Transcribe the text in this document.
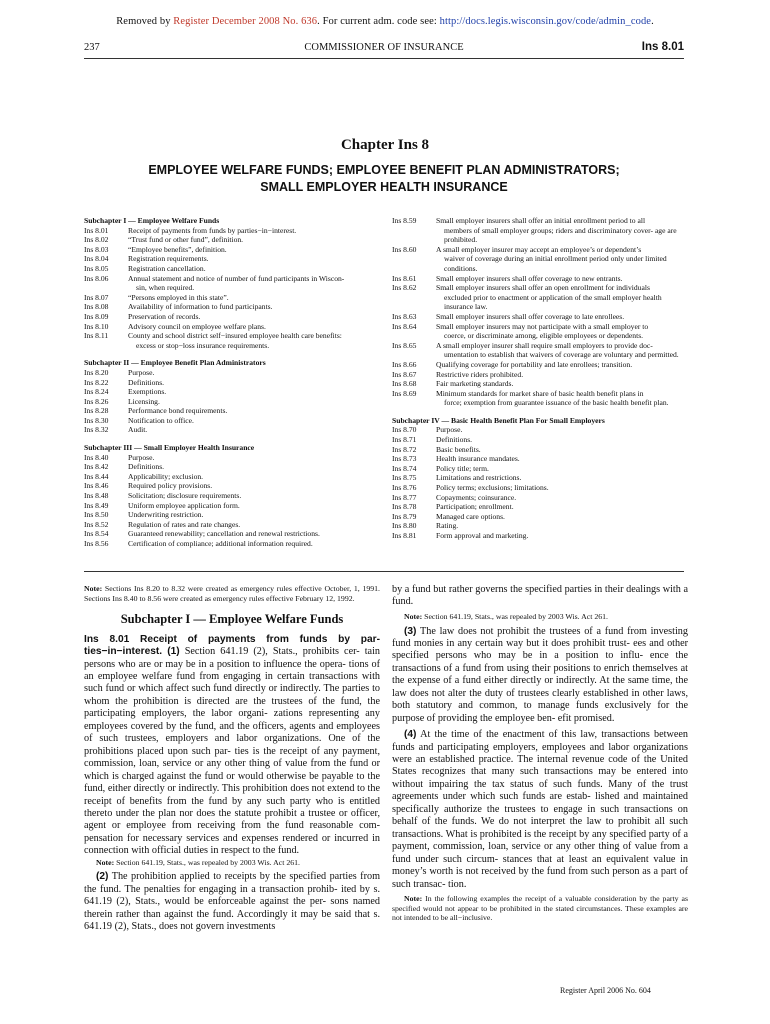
Removed by Register December 2008 No. 636. For current adm. code see: http://docs.legis.wisconsin.gov/code/admin_code.
237	COMMISSIONER OF INSURANCE	Ins 8.01
Chapter Ins 8
EMPLOYEE WELFARE FUNDS; EMPLOYEE BENEFIT PLAN ADMINISTRATORS;
SMALL EMPLOYER HEALTH INSURANCE
Subchapter I — Employee Welfare Funds
Ins 8.01	Receipt of payments from funds by parties−in−interest.
Ins 8.02	“Trust fund or other fund”, definition.
Ins 8.03	“Employee benefits”, definition.
Ins 8.04	Registration requirements.
Ins 8.05	Registration cancellation.
Ins 8.06	Annual statement and notice of number of fund participants in Wiscon-
sin, when required.
Ins 8.07	“Persons employed in this state”.
Ins 8.08	Availability of information to fund participants.
Ins 8.09	Preservation of records.
Ins 8.10	Advisory council on employee welfare plans.
Ins 8.11	County and school district self−insured employee health care benefits:
excess or stop−loss insurance requirements.
Subchapter II — Employee Benefit Plan Administrators
Ins 8.20	Purpose.
Ins 8.22	Definitions.
Ins 8.24	Exemptions.
Ins 8.26	Licensing.
Ins 8.28	Performance bond requirements.
Ins 8.30	Notification to office.
Ins 8.32	Audit.
Subchapter III — Small Employer Health Insurance
Ins 8.40	Purpose.
Ins 8.42	Definitions.
Ins 8.44	Applicability; exclusion.
Ins 8.46	Required policy provisions.
Ins 8.48	Solicitation; disclosure requirements.
Ins 8.49	Uniform employee application form.
Ins 8.50	Underwriting restriction.
Ins 8.52	Regulation of rates and rate changes.
Ins 8.54	Guaranteed renewability; cancellation and renewal restrictions.
Ins 8.56	Certification of compliance; additional information required.
Ins 8.59	Small employer insurers shall offer an initial enrollment period to all
members of small employer groups; riders and discriminatory cover- age are prohibited.
Ins 8.60	A small employer insurer may accept an employee’s or dependent’s
waiver of coverage during an initial enrollment period only under limited conditions.
Ins 8.61	Small employer insurers shall offer coverage to new entrants.
Ins 8.62	Small employer insurers shall offer an open enrollment for individuals
excluded prior to enactment or application of the small employer health insurance law.
Ins 8.63	Small employer insurers shall offer coverage to late enrollees.
Ins 8.64	Small employer insurers may not participate with a small employer to
coerce, or discriminate among, eligible employees or dependents.
Ins 8.65	A small employer insurer shall require small employers to provide doc-
umentation to establish that waivers of coverage are voluntary and permitted.
Ins 8.66	Qualifying coverage for portability and late enrollees; transition.
Ins 8.67	Restrictive riders prohibited.
Ins 8.68	Fair marketing standards.
Ins 8.69	Minimum standards for market share of basic health benefit plans in
force; exemption from guarantee issuance of the basic health benefit plan.
Subchapter IV — Basic Health Benefit Plan For Small Employers
Ins 8.70	Purpose.
Ins 8.71	Definitions.
Ins 8.72	Basic benefits.
Ins 8.73	Health insurance mandates.
Ins 8.74	Policy title; term.
Ins 8.75	Limitations and restrictions.
Ins 8.76	Policy terms; exclusions; limitations.
Ins 8.77	Copayments; coinsurance.
Ins 8.78	Participation; enrollment.
Ins 8.79	Managed care options.
Ins 8.80	Rating.
Ins 8.81	Form approval and marketing.

Note: Sections Ins 8.20 to 8.32 were created as emergency rules effective October, 1, 1991. Sections Ins 8.40 to 8.56 were created as emergency rules effective February 12, 1992.

Subchapter I — Employee Welfare Funds

Ins 8.01 Receipt of payments from funds by par- ties−in−interest. (1) Section 641.19 (2), Stats., prohibits cer- tain persons who are or may be in a position to influence the opera- tions of an employee welfare fund from engaging in certain transactions with such fund or which affect such fund directly or indirectly. The parties to whom the prohibition is directed are the trustees of the fund, the participating employers, the labor organi- zations representing any employees covered by the fund, and the officers, agents and employees of such trustees, employers and labor organizations. One of the prohibitions placed upon such par- ties is the receipt of any payment, commission, loan, service or any other thing of value from the fund or which is charged against the fund or would otherwise be payable to the fund, either directly or indirectly. This prohibition does not extend to the receipt of benefits from the fund by any such party who is entitled thereto under the plan nor does the statute prohibit a trustee or officer, agent or employee from receiving from the fund reasonable com- pensation for necessary services and expenses rendered or incurred in connection with official duties in respect to the fund.

Note: Section 641.19, Stats., was repealed by 2003 Wis. Act 261.

(2) The prohibition applied to receipts by the specified parties from the fund. The penalties for engaging in a transaction prohib- ited by s. 641.19 (2), Stats., would be enforceable against the per- sons named therein rather than against the fund. Accordingly it may be said that s. 641.19 (2), Stats., does not govern investments

by a fund but rather governs the specified parties in their dealings with a fund.

Note: Section 641.19, Stats., was repealed by 2003 Wis. Act 261.

(3) The law does not prohibit the trustees of a fund from investing fund monies in any certain way but it does prohibit trust- ees and other specified persons who may be in a position to influ- ence the transactions of a fund from using their positions to enrich themselves at the expense of a fund either directly or indirectly. At the same time, the law does not alter the duty of trustees clearly established in other laws, both statutory and common, to manage funds exclusively for the purpose of providing the employee ben- efit promised.

(4) At the time of the enactment of this law, transactions between funds and participating employers, employees and labor organizations were an established practice. The internal revenue code of the United States recognizes that many such transactions may be entered into without impairing the tax status of such funds. Many of the trust agreements under which such funds are estab- lished and maintained specifically authorize the trustees to engage in such transactions on behalf of the funds. We do not interpret the law to prohibit all such transactions. What is prohibited is the receipt by any specified party of a payment, commission, loan, service or any other thing of value from a fund under such circum- stances that at least an equivalent value in money’s worth is not received by the fund from such person as a part of such transac- tion.

Note: In the following examples the receipt of a valuable consideration by the party as specified would not appear to be prohibited in the stated circumstances. These examples are not intended to be all−inclusive.

Register April 2006 No. 604
